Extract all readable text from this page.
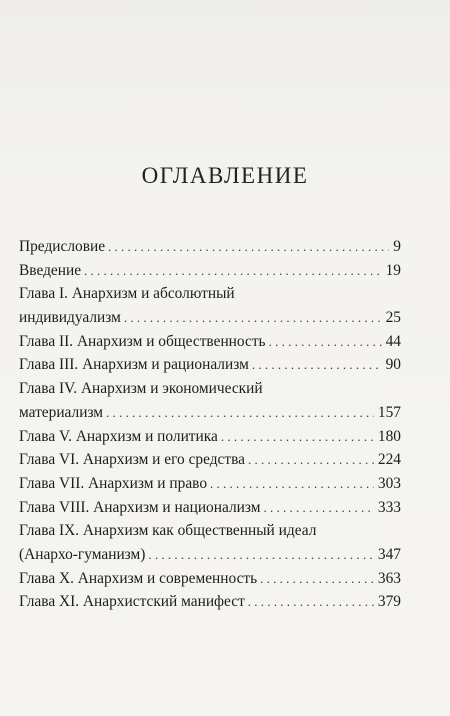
ОГЛАВЛЕНИЕ
Предисловие . . .	9
Введение . . .	19
Глава I. Анархизм и абсолютный
индивидуализм . . .	25
Глава II. Анархизм и общественность . . .	44
Глава III. Анархизм и рационализм . . .	90
Глава IV. Анархизм и экономический
материализм . . .	157
Глава V. Анархизм и политика . . .	180
Глава VI. Анархизм и его средства . . .	224
Глава VII. Анархизм и право . . .	303
Глава VIII. Анархизм и национализм . . .	333
Глава IX. Анархизм как общественный идеал
(Анархо-гуманизм) . . .	347
Глава X. Анархизм и современность . . .	363
Глава XI. Анархистский манифест . . .	379
